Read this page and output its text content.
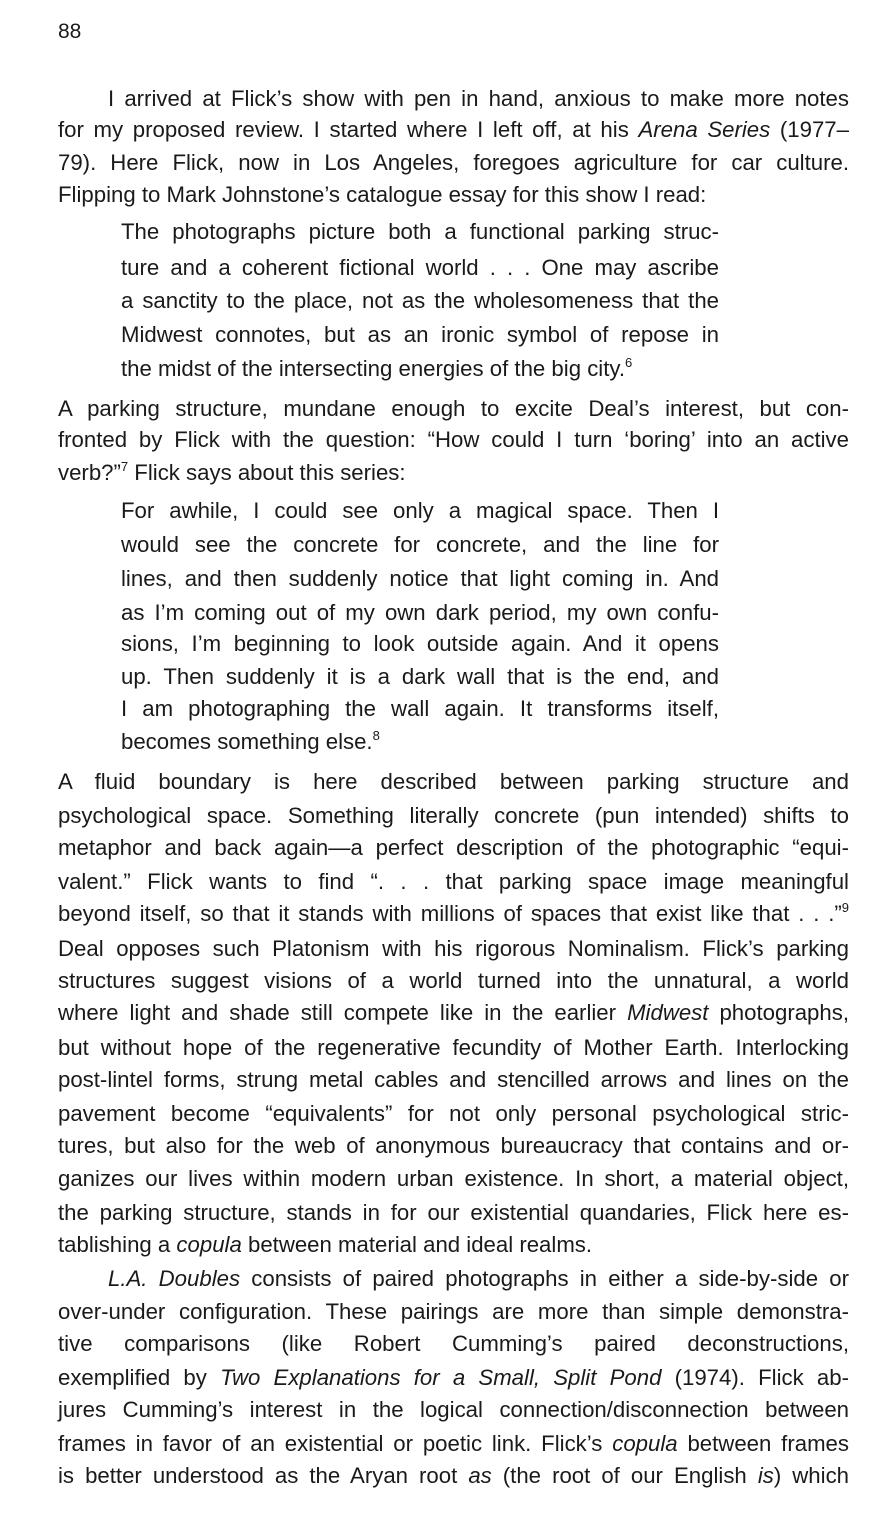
88
I arrived at Flick’s show with pen in hand, anxious to make more notes
for my proposed review. I started where I left off, at his Arena Series (1977–
79). Here Flick, now in Los Angeles, foregoes agriculture for car culture.
Flipping to Mark Johnstone’s catalogue essay for this show I read:
The photographs picture both a functional parking struc-
ture and a coherent fictional world . . . One may ascribe
a sanctity to the place, not as the wholesomeness that the
Midwest connotes, but as an ironic symbol of repose in
the midst of the intersecting energies of the big city.$^6$
A parking structure, mundane enough to excite Deal’s interest, but con-
fronted by Flick with the question: “How could I turn ‘boring’ into an active
verb?”$^7$ Flick says about this series:
For awhile, I could see only a magical space. Then I
would see the concrete for concrete, and the line for
lines, and then suddenly notice that light coming in. And
as I’m coming out of my own dark period, my own confu-
sions, I’m beginning to look outside again. And it opens
up. Then suddenly it is a dark wall that is the end, and
I am photographing the wall again. It transforms itself,
becomes something else.$^8$
A fluid boundary is here described between parking structure and
psychological space. Something literally concrete (pun intended) shifts to
metaphor and back again—a perfect description of the photographic “equi-
valent.” Flick wants to find “. . . that parking space image meaningful
beyond itself, so that it stands with millions of spaces that exist like that . . .”$^9$
Deal opposes such Platonism with his rigorous Nominalism. Flick’s parking
structures suggest visions of a world turned into the unnatural, a world
where light and shade still compete like in the earlier Midwest photographs,
but without hope of the regenerative fecundity of Mother Earth. Interlocking
post-lintel forms, strung metal cables and stencilled arrows and lines on the
pavement become “equivalents” for not only personal psychological stric-
tures, but also for the web of anonymous bureaucracy that contains and or-
ganizes our lives within modern urban existence. In short, a material object,
the parking structure, stands in for our existential quandaries, Flick here es-
tablishing a copula between material and ideal realms.
L.A. Doubles consists of paired photographs in either a side-by-side or
over-under configuration. These pairings are more than simple demonstra-
tive comparisons (like Robert Cumming’s paired deconstructions,
exemplified by Two Explanations for a Small, Split Pond (1974). Flick ab-
jures Cumming’s interest in the logical connection/disconnection between
frames in favor of an existential or poetic link. Flick’s copula between frames
is better understood as the Aryan root as (the root of our English is) which
